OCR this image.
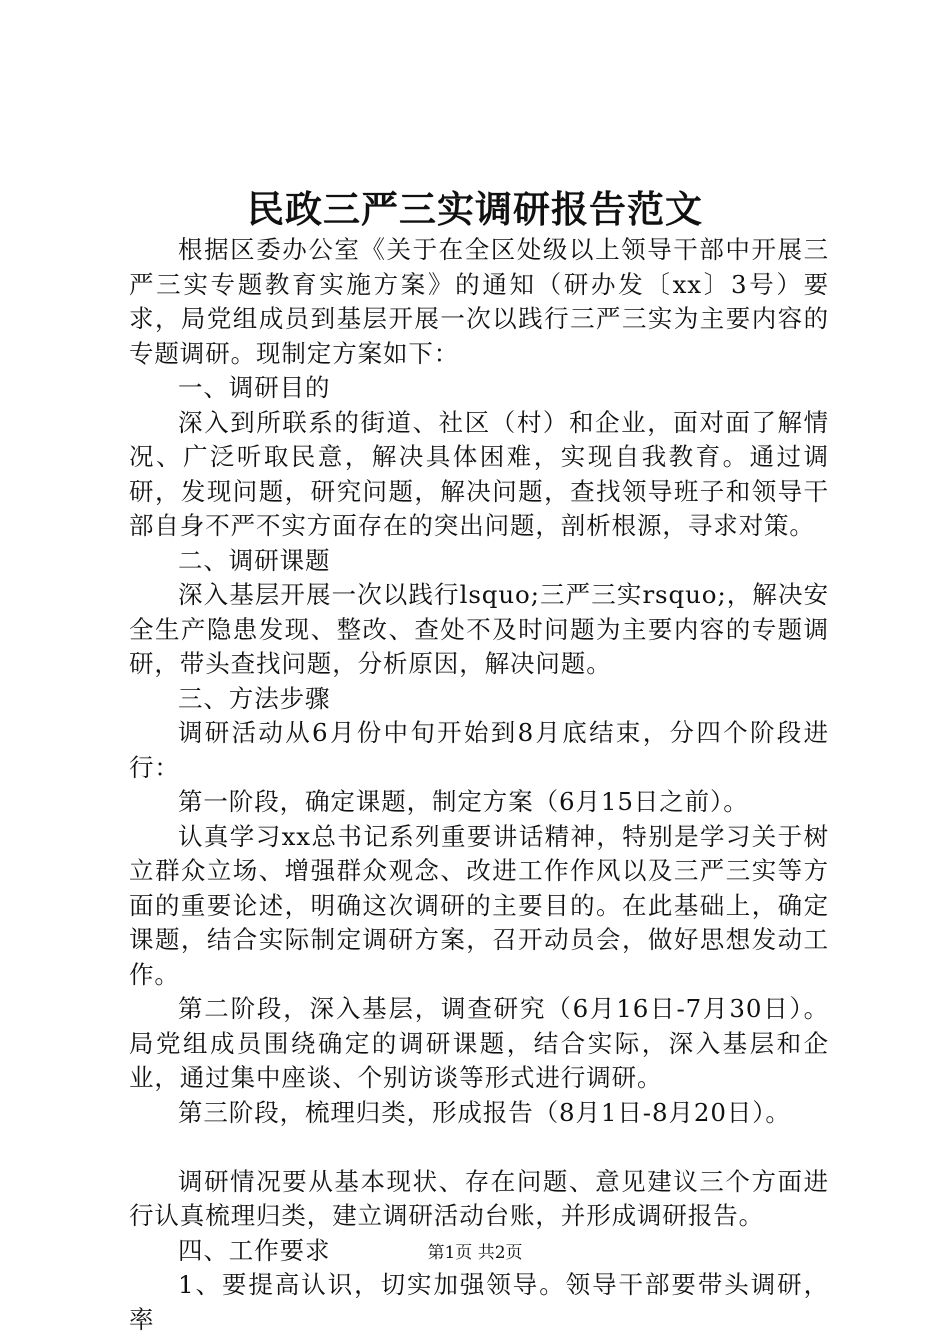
民政三严三实调研报告范文

根据区委办公室《关于在全区处级以上领导干部中开展三严三实专题教育实施方案》的通知（研办发〔xx〕3号）要求，局党组成员到基层开展一次以践行三严三实为主要内容的专题调研。现制定方案如下：

一、调研目的

深入到所联系的街道、社区（村）和企业，面对面了解情况、广泛听取民意，解决具体困难，实现自我教育。通过调研，发现问题，研究问题，解决问题，查找领导班子和领导干部自身不严不实方面存在的突出问题，剖析根源，寻求对策。

二、调研课题

深入基层开展一次以践行lsquo;三严三实rsquo;，解决安全生产隐患发现、整改、查处不及时问题为主要内容的专题调研，带头查找问题，分析原因，解决问题。

三、方法步骤

调研活动从6月份中旬开始到8月底结束，分四个阶段进行：

第一阶段，确定课题，制定方案（6月15日之前）。

认真学习xx总书记系列重要讲话精神，特别是学习关于树立群众立场、增强群众观念、改进工作作风以及三严三实等方面的重要论述，明确这次调研的主要目的。在此基础上，确定课题，结合实际制定调研方案，召开动员会，做好思想发动工作。

第二阶段，深入基层，调查研究（6月16日-7月30日）。局党组成员围绕确定的调研课题，结合实际，深入基层和企业，通过集中座谈、个别访谈等形式进行调研。

第三阶段，梳理归类，形成报告（8月1日-8月20日）。

调研情况要从基本现状、存在问题、意见建议三个方面进行认真梳理归类，建立调研活动台账，并形成调研报告。

四、工作要求

1、要提高认识，切实加强领导。领导干部要带头调研，率

第1页 共2页
